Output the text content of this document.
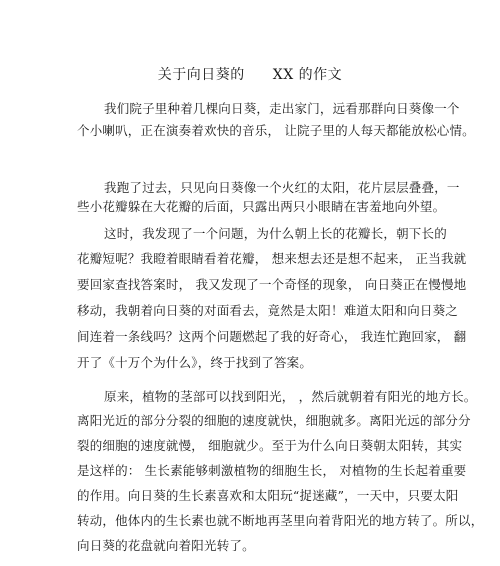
关于向日葵的 XX 的作文
我们院子里种着几棵向日葵，走出家门，远看那群向日葵像一个
个小喇叭，正在演奏着欢快的音乐， 让院子里的人每天都能放松心情。
我跑了过去，只见向日葵像一个火红的太阳，花片层层叠叠，一
些小花瓣躲在大花瓣的后面，只露出两只小眼睛在害羞地向外望。
这时，我发现了一个问题，为什么朝上长的花瓣长，朝下长的
花瓣短呢？我瞪着眼睛看着花瓣， 想来想去还是想不起来， 正当我就
要回家查找答案时， 我又发现了一个奇怪的现象， 向日葵正在慢慢地
移动，我朝着向日葵的对面看去，竟然是太阳！难道太阳和向日葵之
间连着一条线吗？这两个问题燃起了我的好奇心， 我连忙跑回家， 翻
开了《十万个为什么》，终于找到了答案。
原来，植物的茎部可以找到阳光， ，然后就朝着有阳光的地方长。
离阳光近的部分分裂的细胞的速度就快，细胞就多。离阳光远的部分分
裂的细胞的速度就慢， 细胞就少。至于为什么向日葵朝太阳转，其实
是这样的： 生长素能够刺激植物的细胞生长， 对植物的生长起着重要
的作用。向日葵的生长素喜欢和太阳玩“捉迷藏”，一天中，只要太阳
转动，他体内的生长素也就不断地再茎里向着背阳光的地方转了。所以，
向日葵的花盘就向着阳光转了。
